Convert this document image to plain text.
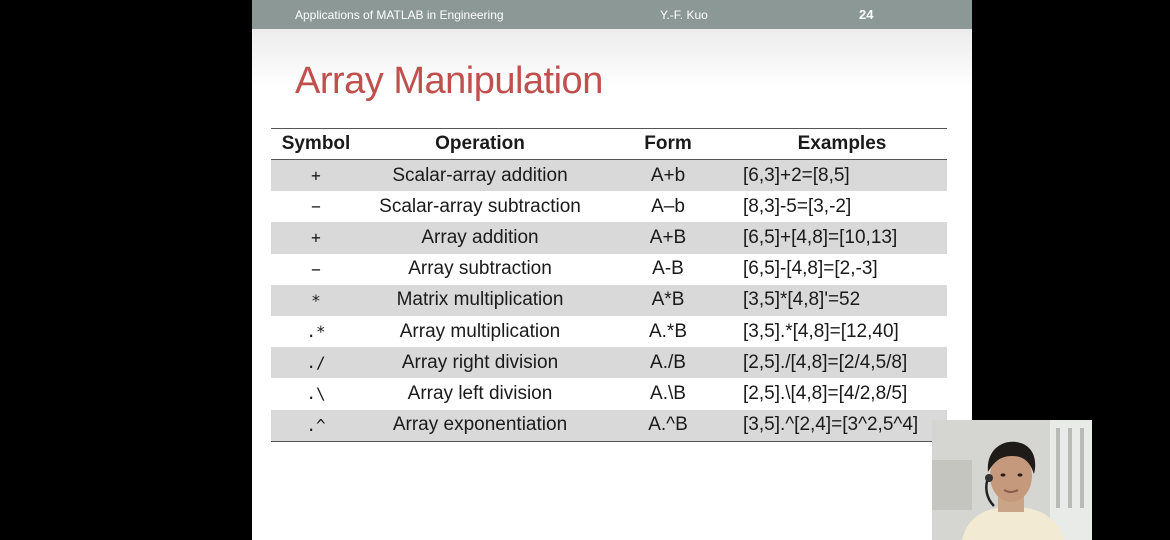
Applications of MATLAB in Engineering	Y.-F. Kuo	24
Array Manipulation
Symbol	Operation	Form	Examples
+	Scalar-array addition	A+b	[6,3]+2=[8,5]
−	Scalar-array subtraction	A–b	[8,3]-5=[3,-2]
+	Array addition	A+B	[6,5]+[4,8]=[10,13]
−	Array subtraction	A-B	[6,5]-[4,8]=[2,-3]
*	Matrix multiplication	A*B	[3,5]*[4,8]'=52
.*	Array multiplication	A.*B	[3,5].*[4,8]=[12,40]
./	Array right division	A./B	[2,5]./[4,8]=[2/4,5/8]
.\	Array left division	A.\B	[2,5].\[4,8]=[4/2,8/5]
.^	Array exponentiation	A.^B	[3,5].^[2,4]=[3^2,5^4]
